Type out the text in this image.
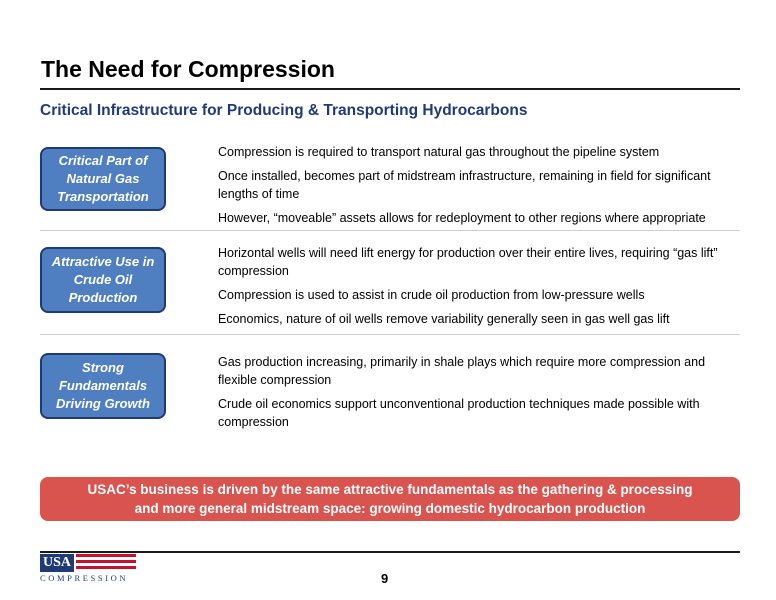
The Need for Compression
Critical Infrastructure for Producing & Transporting Hydrocarbons
Critical Part of Natural Gas Transportation
Compression is required to transport natural gas throughout the pipeline system
Once installed, becomes part of midstream infrastructure, remaining in field for significant lengths of time
However, “moveable” assets allows for redeployment to other regions where appropriate
Attractive Use in Crude Oil Production
Horizontal wells will need lift energy for production over their entire lives, requiring “gas lift” compression
Compression is used to assist in crude oil production from low-pressure wells
Economics, nature of oil wells remove variability generally seen in gas well gas lift
Strong Fundamentals Driving Growth
Gas production increasing, primarily in shale plays which require more compression and flexible compression
Crude oil economics support unconventional production techniques made possible with compression
USAC’s business is driven by the same attractive fundamentals as the gathering & processing
and more general midstream space: growing domestic hydrocarbon production
USA
COMPRESSION	9
